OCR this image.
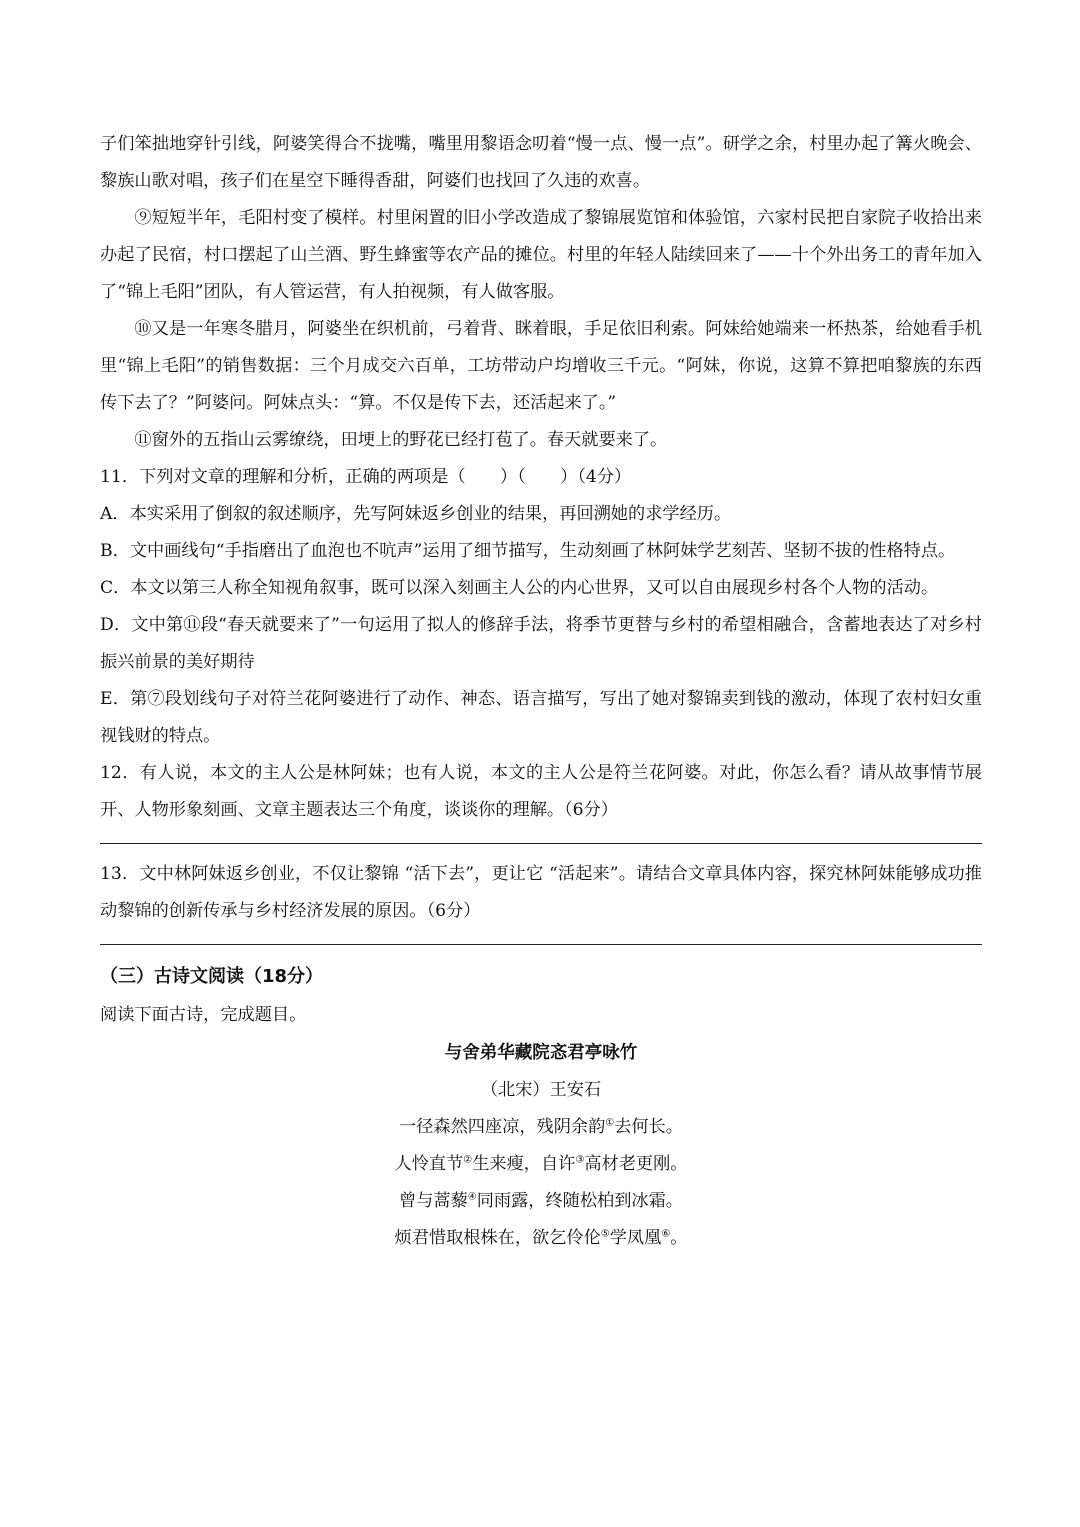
子们笨拙地穿针引线，阿婆笑得合不拢嘴，嘴里用黎语念叨着“慢一点、慢一点”。研学之余，村里办起了篝火晚会、黎族山歌对唱，孩子们在星空下睡得香甜，阿婆们也找回了久违的欢喜。

⑨短短半年，毛阳村变了模样。村里闲置的旧小学改造成了黎锦展览馆和体验馆，六家村民把自家院子收拾出来办起了民宿，村口摆起了山兰酒、野生蜂蜜等农产品的摊位。村里的年轻人陆续回来了——十个外出务工的青年加入了“锦上毛阳”团队，有人管运营，有人拍视频，有人做客服。

⑩又是一年寒冬腊月，阿婆坐在织机前，弓着背、眯着眼，手足依旧利索。阿妹给她端来一杯热茶，给她看手机里“锦上毛阳”的销售数据：三个月成交六百单，工坊带动户均增收三千元。“阿妹，你说，这算不算把咱黎族的东西传下去了？”阿婆问。阿妹点头：“算。不仅是传下去，还活起来了。”

⑪窗外的五指山云雾缭绕，田埂上的野花已经打苞了。春天就要来了。

11．下列对文章的理解和分析，正确的两项是（　　）（　　）（4分）

A．本实采用了倒叙的叙述顺序，先写阿妹返乡创业的结果，再回溯她的求学经历。

B．文中画线句“手指磨出了血泡也不吭声”运用了细节描写，生动刻画了林阿妹学艺刻苦、坚韧不拔的性格特点。

C．本文以第三人称全知视角叙事，既可以深入刻画主人公的内心世界，又可以自由展现乡村各个人物的活动。

D．文中第⑪段“春天就要来了”一句运用了拟人的修辞手法，将季节更替与乡村的希望相融合，含蓄地表达了对乡村振兴前景的美好期待

E．第⑦段划线句子对符兰花阿婆进行了动作、神态、语言描写，写出了她对黎锦卖到钱的激动，体现了农村妇女重视钱财的特点。

12．有人说，本文的主人公是林阿妹；也有人说，本文的主人公是符兰花阿婆。对此，你怎么看？请从故事情节展开、人物形象刻画、文章主题表达三个角度，谈谈你的理解。（6分）

13．文中林阿妹返乡创业，不仅让黎锦 “活下去”，更让它 “活起来”。请结合文章具体内容，探究林阿妹能够成功推动黎锦的创新传承与乡村经济发展的原因。（6分）

（三）古诗文阅读（18分）

阅读下面古诗，完成题目。

与舍弟华藏院忞君亭咏竹
（北宋）王安石
一径森然四座凉，残阴余韵①去何长。
人怜直节②生来瘦，自许③高材老更刚。
曾与蒿藜④同雨露，终随松柏到冰霜。
烦君惜取根株在，欲乞伶伦⑤学凤凰⑥。
